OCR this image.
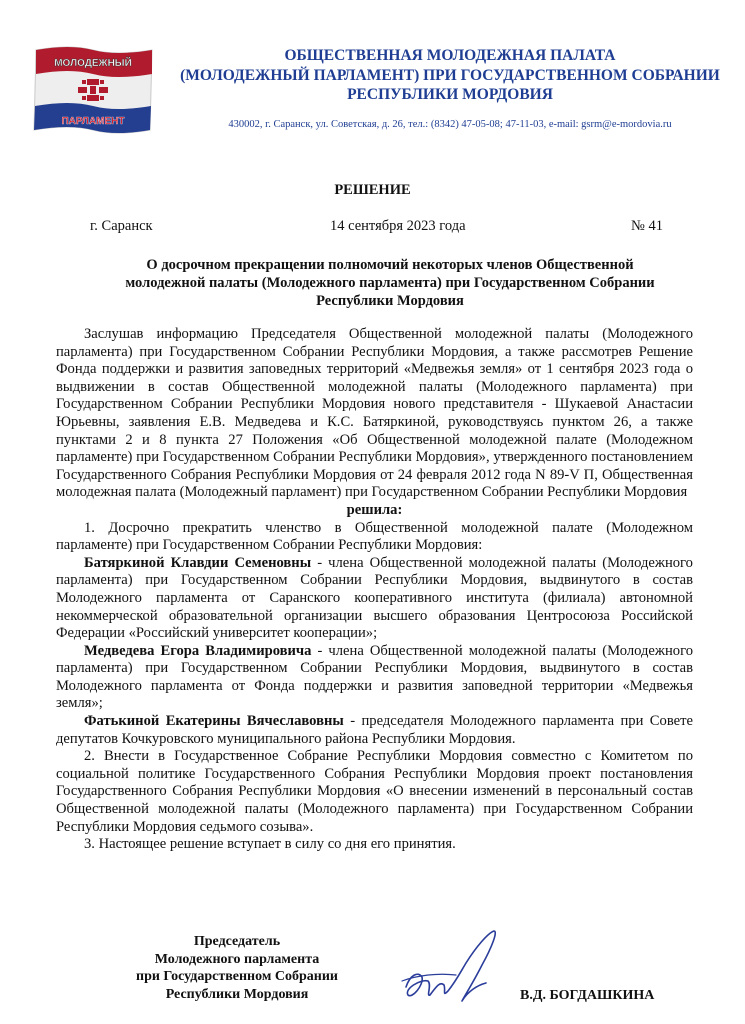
МОЛОДЕЖНЫЙ
ПАРЛАМЕНТ
ОБЩЕСТВЕННАЯ МОЛОДЕЖНАЯ ПАЛАТА
(МОЛОДЕЖНЫЙ ПАРЛАМЕНТ) ПРИ ГОСУДАРСТВЕННОМ СОБРАНИИ
РЕСПУБЛИКИ МОРДОВИЯ
430002, г. Саранск, ул. Советская, д. 26, тел.: (8342) 47-05-08; 47-11-03, e-mail: gsrm@e-mordovia.ru
РЕШЕНИЕ
г. Саранск	14 сентября 2023 года	№ 41
О досрочном прекращении полномочий некоторых членов Общественной
молодежной палаты (Молодежного парламента) при Государственном Собрании
Республики Мордовия

Заслушав информацию Председателя Общественной молодежной палаты (Молодежного парламента) при Государственном Собрании Республики Мордовия, а также рассмотрев Решение Фонда поддержки и развития заповедных территорий «Медвежья земля» от 1 сентября 2023 года о выдвижении в состав Общественной молодежной палаты (Молодежного парламента) при Государственном Собрании Республики Мордовия нового представителя - Шукаевой Анастасии Юрьевны, заявления Е.В. Медведева и К.С. Батяркиной, руководствуясь пунктом 26, а также пунктами 2 и 8 пункта 27 Положения «Об Общественной молодежной палате (Молодежном парламенте) при Государственном Собрании Республики Мордовия», утвержденного постановлением Государственного Собрания Республики Мордовия от 24 февраля 2012 года N 89-V П, Общественная молодежная палата (Молодежный парламент) при Государственном Собрании Республики Мордовия

решила:

1. Досрочно прекратить членство в Общественной молодежной палате (Молодежном парламенте) при Государственном Собрании Республики Мордовия:

Батяркиной Клавдии Семеновны - члена Общественной молодежной палаты (Молодежного парламента) при Государственном Собрании Республики Мордовия, выдвинутого в состав Молодежного парламента от Саранского кооперативного института (филиала) автономной некоммерческой образовательной организации высшего образования Центросоюза Российской Федерации «Российский университет кооперации»;

Медведева Егора Владимировича - члена Общественной молодежной палаты (Молодежного парламента) при Государственном Собрании Республики Мордовия, выдвинутого в состав Молодежного парламента от Фонда поддержки и развития заповедной территории «Медвежья земля»;

Фатькиной Екатерины Вячеславовны - председателя Молодежного парламента при Совете депутатов Кочкуровского муниципального района Республики Мордовия.

2. Внести в Государственное Собрание Республики Мордовия совместно с Комитетом по социальной политике Государственного Собрания Республики Мордовия проект постановления Государственного Собрания Республики Мордовия «О внесении изменений в персональный состав Общественной молодежной палаты (Молодежного парламента) при Государственном Собрании Республики Мордовия седьмого созыва».

3. Настоящее решение вступает в силу со дня его принятия.

Председатель
Молодежного парламента
при Государственном Собрании
Республики Мордовия	В.Д. БОГДАШКИНА
